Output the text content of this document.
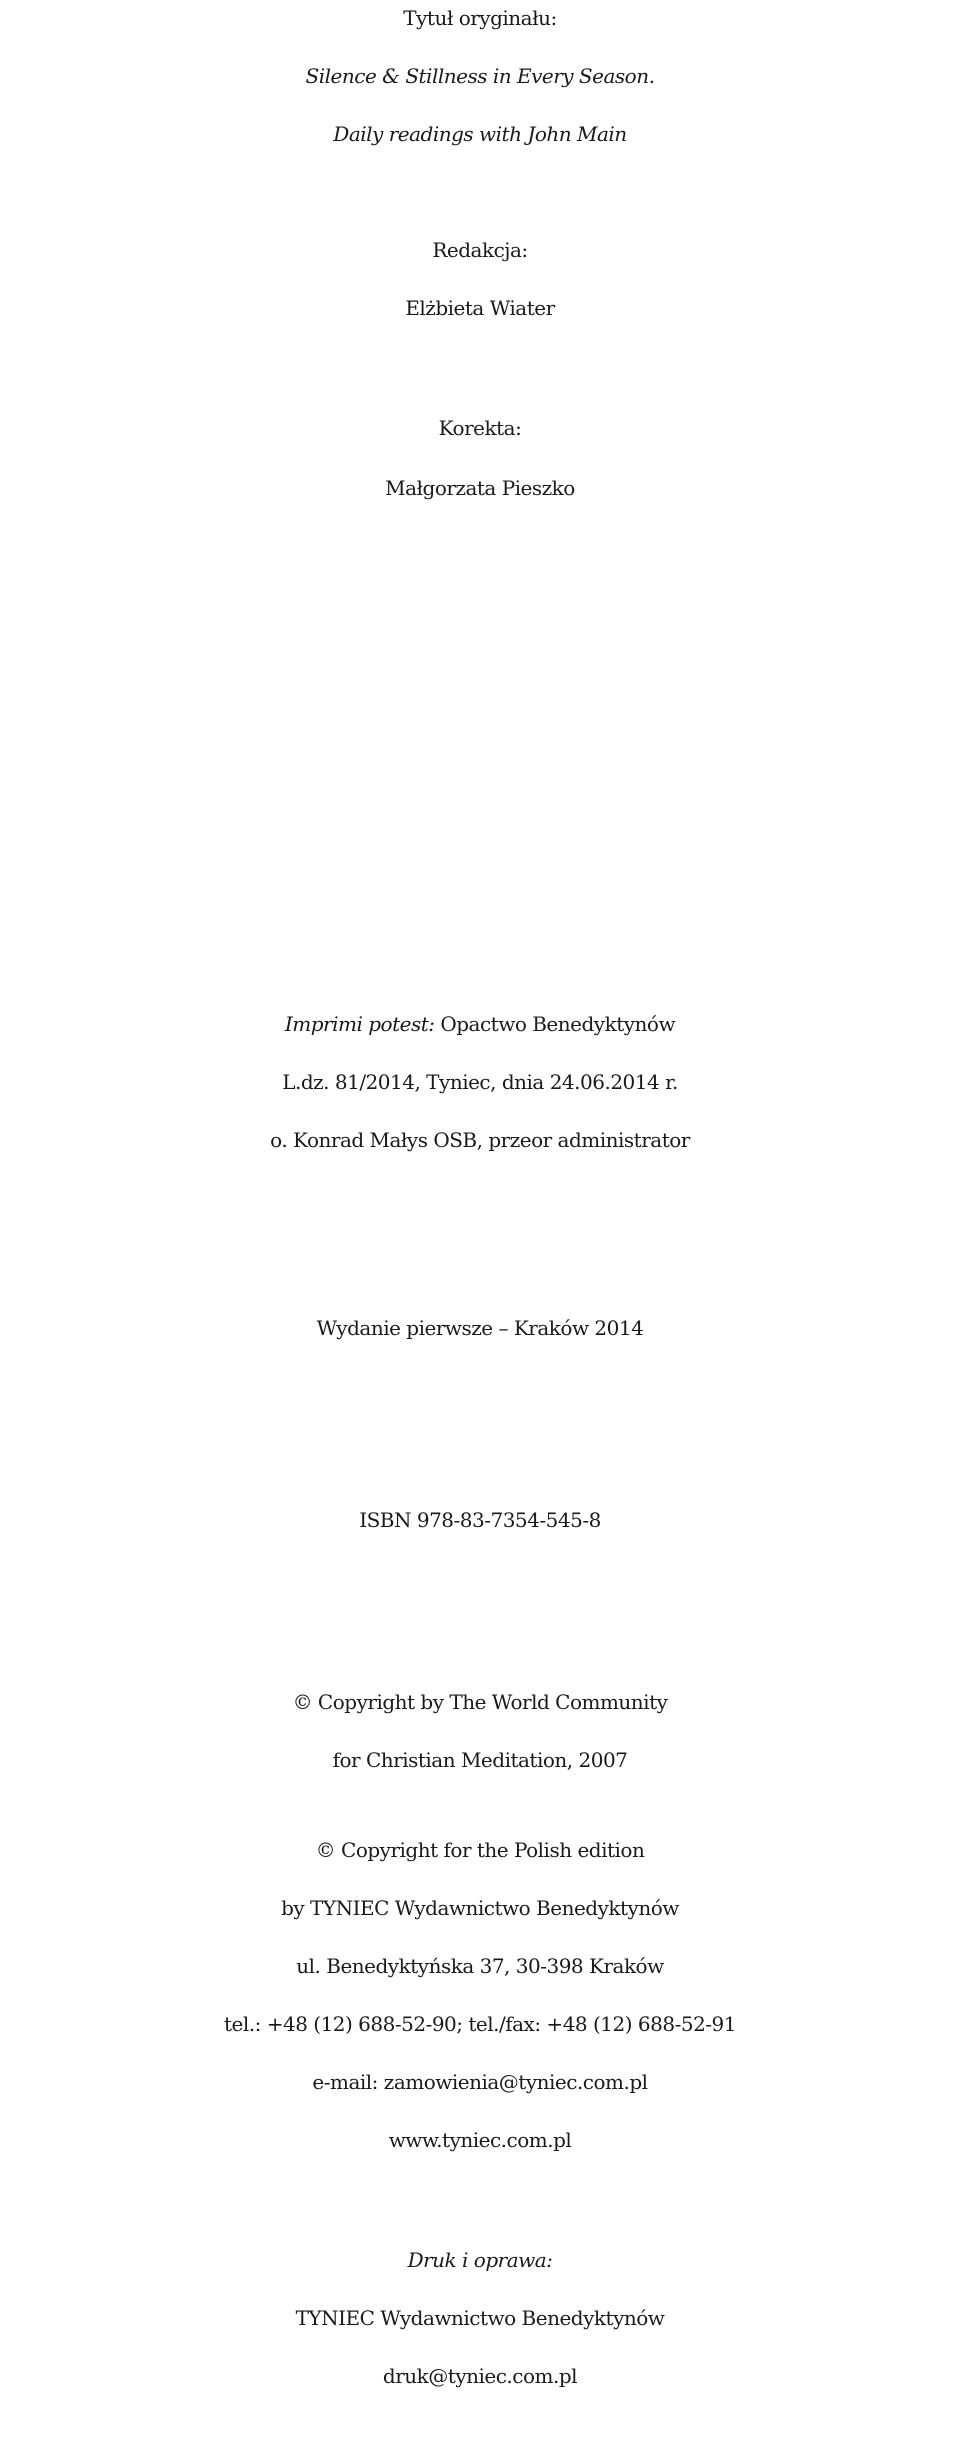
Tytuł oryginału:
Silence & Stillness in Every Season.
Daily readings with John Main
Redakcja:
Elżbieta Wiater
Korekta:
Małgorzata Pieszko
Imprimi potest: Opactwo Benedyktynów
L.dz. 81/2014, Tyniec, dnia 24.06.2014 r.
o. Konrad Małys OSB, przeor administrator
Wydanie pierwsze – Kraków 2014
ISBN 978-83-7354-545-8
© Copyright by The World Community
for Christian Meditation, 2007
© Copyright for the Polish edition
by TYNIEC Wydawnictwo Benedyktynów
ul. Benedyktyńska 37, 30-398 Kraków
tel.: +48 (12) 688-52-90; tel./fax: +48 (12) 688-52-91
e-mail: zamowienia@tyniec.com.pl
www.tyniec.com.pl
Druk i oprawa:
TYNIEC Wydawnictwo Benedyktynów
druk@tyniec.com.pl
